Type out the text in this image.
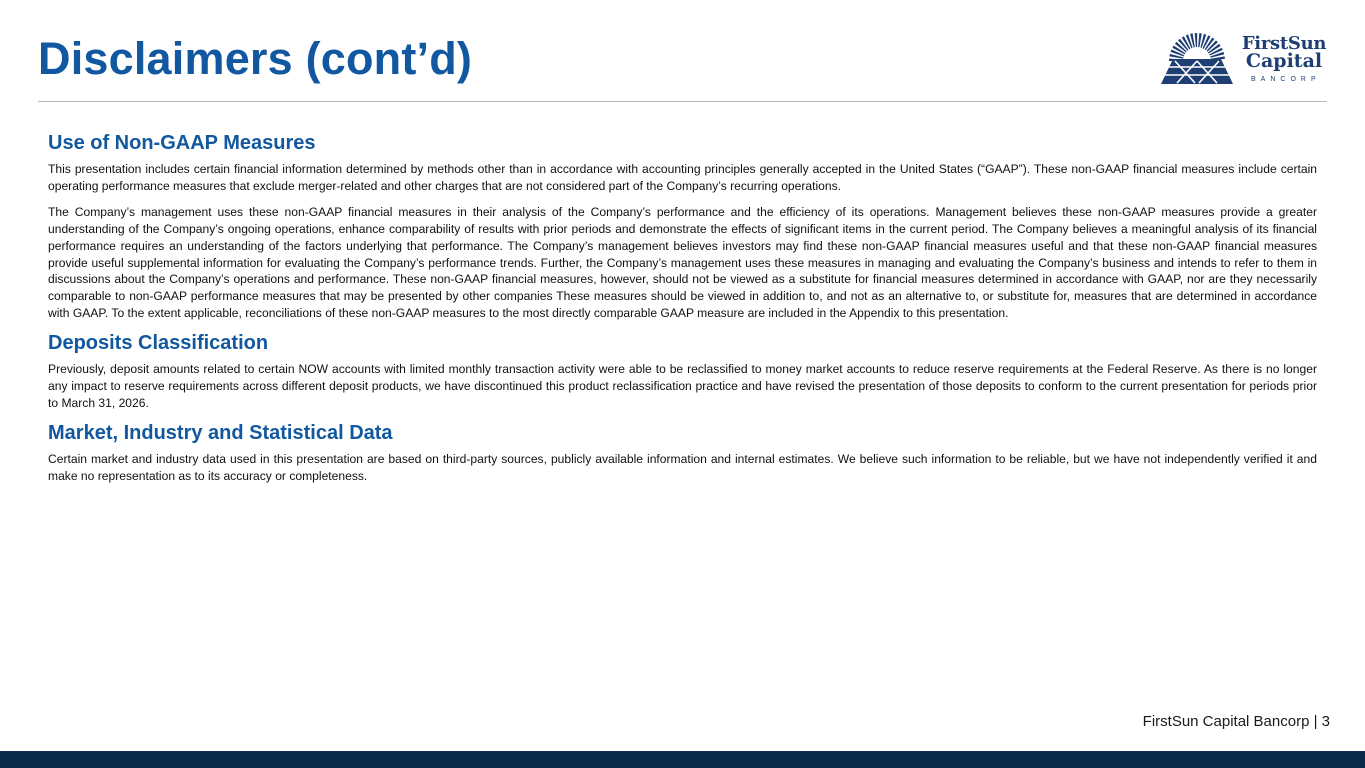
Disclaimers (cont’d)	FirstSun
Capital
BANCORP
Use of Non-GAAP Measures

This presentation includes certain financial information determined by methods other than in accordance with accounting principles generally accepted in the United States (“GAAP”). These non-GAAP financial measures include certain operating performance measures that exclude merger-related and other charges that are not considered part of the Company’s recurring operations.

The Company’s management uses these non-GAAP financial measures in their analysis of the Company’s performance and the efficiency of its operations. Management believes these non-GAAP measures provide a greater understanding of the Company’s ongoing operations, enhance comparability of results with prior periods and demonstrate the effects of significant items in the current period. The Company believes a meaningful analysis of its financial performance requires an understanding of the factors underlying that performance. The Company’s management believes investors may find these non-GAAP financial measures useful and that these non-GAAP financial measures provide useful supplemental information for evaluating the Company’s performance trends. Further, the Company’s management uses these measures in managing and evaluating the Company’s business and intends to refer to them in discussions about the Company’s operations and performance. These non-GAAP financial measures, however, should not be viewed as a substitute for financial measures determined in accordance with GAAP, nor are they necessarily comparable to non-GAAP performance measures that may be presented by other companies These measures should be viewed in addition to, and not as an alternative to, or substitute for, measures that are determined in accordance with GAAP. To the extent applicable, reconciliations of these non-GAAP measures to the most directly comparable GAAP measure are included in the Appendix to this presentation.

Deposits Classification

Previously, deposit amounts related to certain NOW accounts with limited monthly transaction activity were able to be reclassified to money market accounts to reduce reserve requirements at the Federal Reserve. As there is no longer any impact to reserve requirements across different deposit products, we have discontinued this product reclassification practice and have revised the presentation of those deposits to conform to the current presentation for periods prior to March 31, 2026.

Market, Industry and Statistical Data

Certain market and industry data used in this presentation are based on third-party sources, publicly available information and internal estimates. We believe such information to be reliable, but we have not independently verified it and make no representation as to its accuracy or completeness.

FirstSun Capital Bancorp | 3
